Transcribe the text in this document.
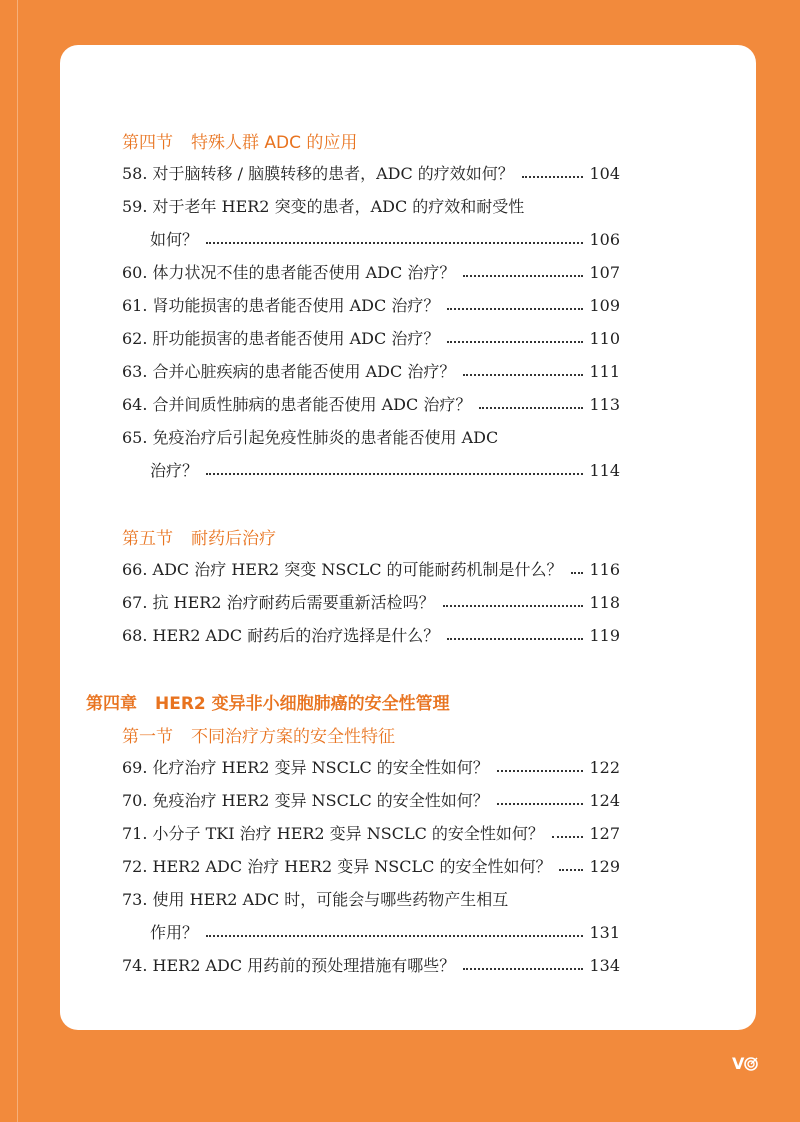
第四节 特殊人群 ADC 的应用
58. 对于脑转移 / 脑膜转移的患者，ADC 的疗效如何？	104
59. 对于老年 HER2 突变的患者，ADC 的疗效和耐受性
如何？	106
60. 体力状况不佳的患者能否使用 ADC 治疗？	107
61. 肾功能损害的患者能否使用 ADC 治疗？	109
62. 肝功能损害的患者能否使用 ADC 治疗？	110
63. 合并心脏疾病的患者能否使用 ADC 治疗？	111
64. 合并间质性肺病的患者能否使用 ADC 治疗？	113
65. 免疫治疗后引起免疫性肺炎的患者能否使用 ADC
治疗？	114
第五节 耐药后治疗
66. ADC 治疗 HER2 突变 NSCLC 的可能耐药机制是什么？ 116
67. 抗 HER2 治疗耐药后需要重新活检吗？	118
68. HER2 ADC 耐药后的治疗选择是什么？	119
第四章 HER2 变异非小细胞肺癌的安全性管理
第一节 不同治疗方案的安全性特征
69. 化疗治疗 HER2 变异 NSCLC 的安全性如何？	122
70. 免疫治疗 HER2 变异 NSCLC 的安全性如何？	124
71. 小分子 TKI 治疗 HER2 变异 NSCLC 的安全性如何？	127
72. HER2 ADC 治疗 HER2 变异 NSCLC 的安全性如何？ 129
73. 使用 HER2 ADC 时，可能会与哪些药物产生相互
作用？	131
74. HER2 ADC 用药前的预处理措施有哪些？	134
V
